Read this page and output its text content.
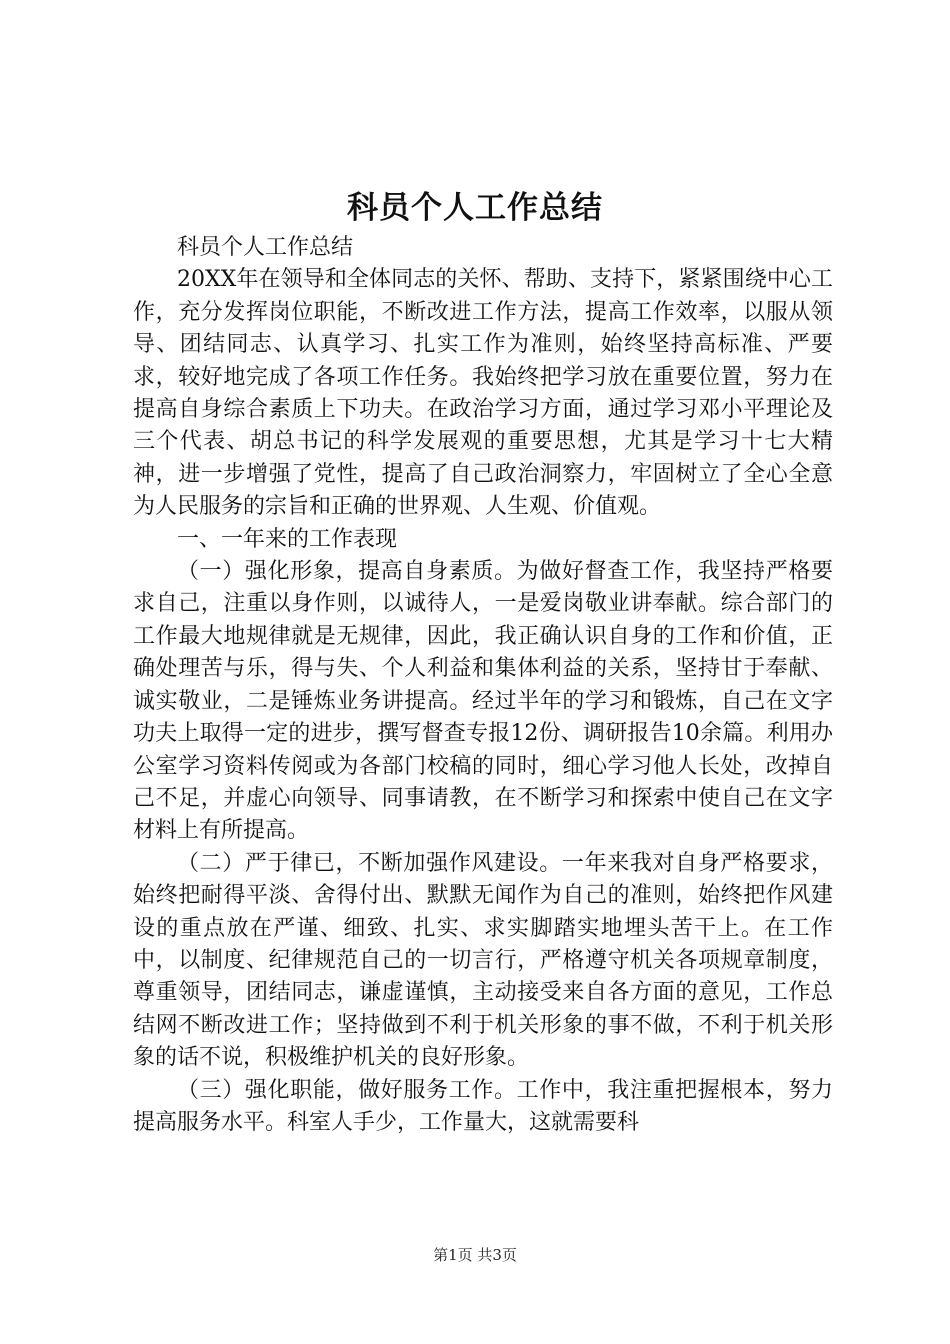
科员个人工作总结

科员个人工作总结

20XX年在领导和全体同志的关怀、帮助、支持下，紧紧围绕中心工作，充分发挥岗位职能，不断改进工作方法，提高工作效率，以服从领导、团结同志、认真学习、扎实工作为准则，始终坚持高标准、严要求，较好地完成了各项工作任务。我始终把学习放在重要位置，努力在提高自身综合素质上下功夫。在政治学习方面，通过学习邓小平理论及三个代表、胡总书记的科学发展观的重要思想，尤其是学习十七大精神，进一步增强了党性，提高了自己政治洞察力，牢固树立了全心全意为人民服务的宗旨和正确的世界观、人生观、价值观。

一、一年来的工作表现

（一）强化形象，提高自身素质。为做好督查工作，我坚持严格要求自己，注重以身作则，以诚待人，一是爱岗敬业讲奉献。综合部门的工作最大地规律就是无规律，因此，我正确认识自身的工作和价值，正确处理苦与乐，得与失、个人利益和集体利益的关系，坚持甘于奉献、诚实敬业，二是锤炼业务讲提高。经过半年的学习和锻炼，自己在文字功夫上取得一定的进步，撰写督查专报12份、调研报告10余篇。利用办公室学习资料传阅或为各部门校稿的同时，细心学习他人长处，改掉自己不足，并虚心向领导、同事请教，在不断学习和探索中使自己在文字材料上有所提高。

（二）严于律已，不断加强作风建设。一年来我对自身严格要求，始终把耐得平淡、舍得付出、默默无闻作为自己的准则，始终把作风建设的重点放在严谨、细致、扎实、求实脚踏实地埋头苦干上。在工作中，以制度、纪律规范自己的一切言行，严格遵守机关各项规章制度，尊重领导，团结同志，谦虚谨慎，主动接受来自各方面的意见，工作总结网不断改进工作；坚持做到不利于机关形象的事不做，不利于机关形象的话不说，积极维护机关的良好形象。

（三）强化职能，做好服务工作。工作中，我注重把握根本，努力提高服务水平。科室人手少，工作量大，这就需要科

第1页 共3页
